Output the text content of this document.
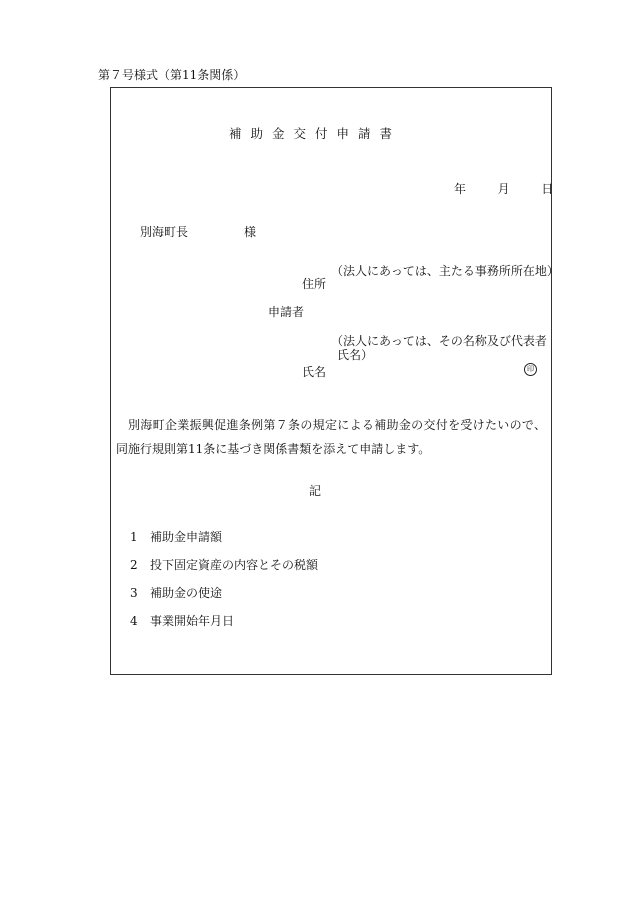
第７号様式（第11条関係）
補助金交付申請書
年	月	日
別海町長	様
（法人にあっては、主たる事務所所在地）
住所
申請者
（法人にあっては、その名称及び代表者
氏名）
氏名	印
別海町企業振興促進条例第７条の規定による補助金の交付を受けたいので、同施行規則第11条に基づき関係書類を添えて申請します。
記
1 補助金申請額
2 投下固定資産の内容とその税額
3 補助金の使途
4 事業開始年月日
